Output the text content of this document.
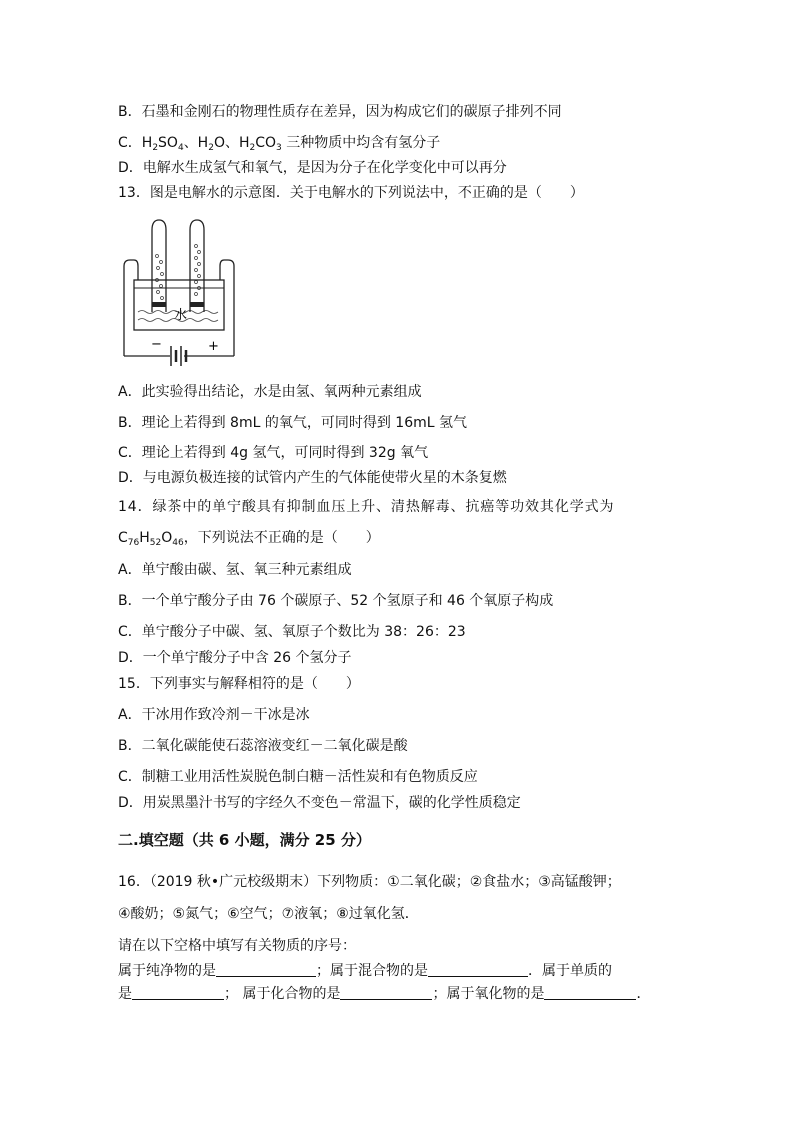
B．石墨和金刚石的物理性质存在差异，因为构成它们的碳原子排列不同
C．$H_2SO_4$、$H_2O$、$H_2CO_3$ 三种物质中均含有氢分子
D．电解水生成氢气和氧气，是因为分子在化学变化中可以再分
13．图是电解水的示意图．关于电解水的下列说法中，不正确的是（　　）
水
−	+
A．此实验得出结论，水是由氢、氧两种元素组成
B．理论上若得到 8mL 的氧气，可同时得到 16mL 氢气
C．理论上若得到 4g 氢气，可同时得到 32g 氧气
D．与电源负极连接的试管内产生的气体能使带火星的木条复燃
14．绿茶中的单宁酸具有抑制血压上升、清热解毒、抗癌等功效其化学式为
$C_{76}H_{52}O_{46}$，下列说法不正确的是（　　）
A．单宁酸由碳、氢、氧三种元素组成
B．一个单宁酸分子由 76 个碳原子、52 个氢原子和 46 个氧原子构成
C．单宁酸分子中碳、氢、氧原子个数比为 38：26：23
D．一个单宁酸分子中含 26 个氢分子
15．下列事实与解释相符的是（　　）
A．干冰用作致冷剂－干冰是冰
B．二氧化碳能使石蕊溶液变红－二氧化碳是酸
C．制糖工业用活性炭脱色制白糖－活性炭和有色物质反应
D．用炭黑墨汁书写的字经久不变色－常温下，碳的化学性质稳定
二.填空题（共 6 小题，满分 25 分）
16．（2019 秋•广元校级期末）下列物质：①二氧化碳；②食盐水；③高锰酸钾；
④酸奶；⑤氮气；⑥空气；⑦液氧；⑧过氧化氢．
请在以下空格中填写有关物质的序号：
属于纯净物的是	；属于混合物的是	．属于单质的
是	； 属于化合物的是	；属于氧化物的是	．
